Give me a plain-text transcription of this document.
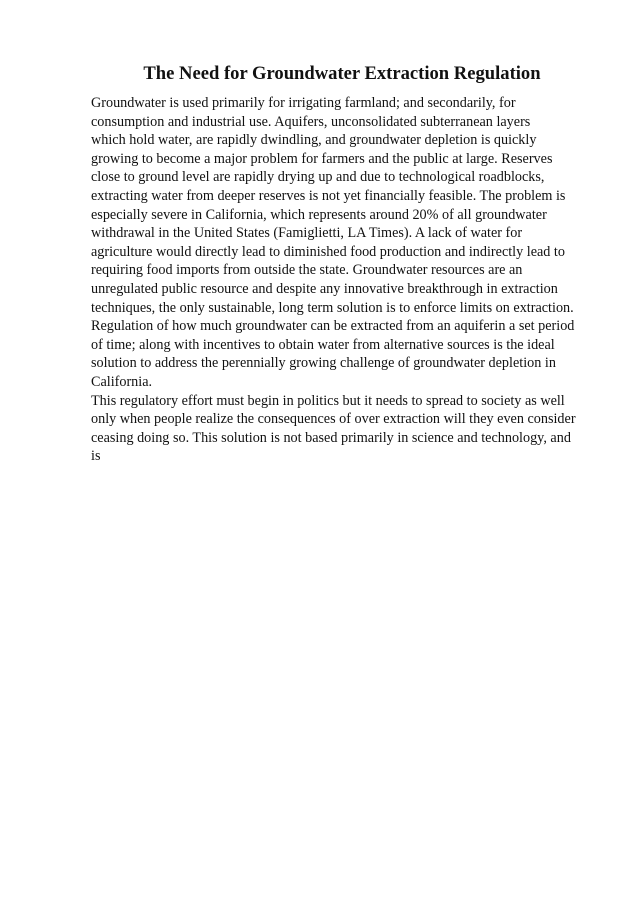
The Need for Groundwater Extraction Regulation
Groundwater is used primarily for irrigating farmland; and secondarily, for
consumption and industrial use. Aquifers, unconsolidated subterranean layers
which hold water, are rapidly dwindling, and groundwater depletion is quickly
growing to become a major problem for farmers and the public at large. Reserves
close to ground level are rapidly drying up and due to technological roadblocks,
extracting water from deeper reserves is not yet financially feasible. The problem is
especially severe in California, which represents around 20% of all groundwater
withdrawal in the United States (Famiglietti, LA Times). A lack of water for
agriculture would directly lead to diminished food production and indirectly lead to
requiring food imports from outside the state. Groundwater resources are an
unregulated public resource and despite any innovative breakthrough in extraction
techniques, the only sustainable, long term solution is to enforce limits on extraction.
Regulation of how much groundwater can be extracted from an aquiferin a set period
of time; along with incentives to obtain water from alternative sources is the ideal
solution to address the perennially growing challenge of groundwater depletion in
California.
This regulatory effort must begin in politics but it needs to spread to society as well
only when people realize the consequences of over extraction will they even consider
ceasing doing so. This solution is not based primarily in science and technology, and
is
